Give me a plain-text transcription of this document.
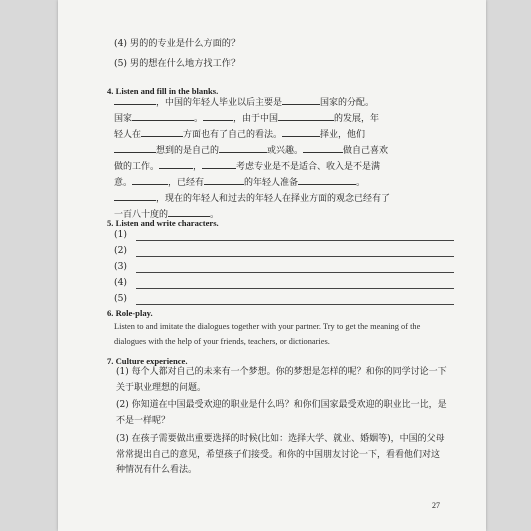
(4) 男的的专业是什么方面的？
(5) 男的想在什么地方找工作？
4. Listen and fill in the blanks.
，中国的年轻人毕业以后主要是	国家的分配。
国家	。	，由于中国	的发展，年
轻人在	方面也有了自己的看法。	择业，他们
想到的是自己的	或兴趣。	做自己喜欢
做的工作。	，	考虑专业是不是适合、收入是不是满
意。	，已经有	的年轻人准备	。
，现在的年轻人和过去的年轻人在择业方面的观念已经有了
一百八十度的	。
5. Listen and write characters.
(1)
(2)
(3)
(4)
(5)
6. Role-play.
Listen to and imitate the dialogues together with your partner. Try to get the meaning of the dialogues with the help of your friends, teachers, or dictionaries.
7. Culture experience.
(1) 每个人都对自己的未来有一个梦想。你的梦想是怎样的呢？和你的同学讨论一下关于职业理想的问题。
(2) 你知道在中国最受欢迎的职业是什么吗？和你们国家最受欢迎的职业比一比，是不是一样呢？
(3) 在孩子需要做出重要选择的时候(比如：选择大学、就业、婚姻等)，中国的父母常常提出自己的意见，希望孩子们接受。和你的中国朋友讨论一下，看看他们对这种情况有什么看法。
27
